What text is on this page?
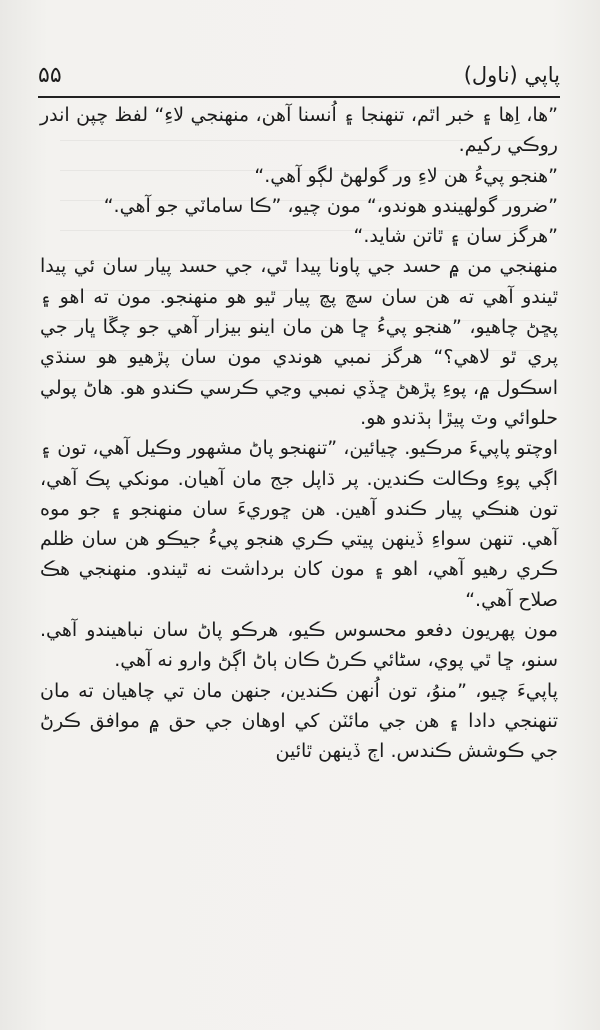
۵۵	پاپي (ناول)

”ها، اِها ۽ خبر اٿم، تنهنجا ۽ اُنسنا آهن، منهنجي لاءِ“ لفظ چپن اندر روڪي رکيم.

”هنجو پيءُ هن لاءِ ور گولهڻ لڳو آهي.“

”ضرور گولهيندو هوندو،“ مون چيو، ”ڪا ساماٽي جو آهي.“

”هرگز سان ۽ ٿاتن شايد.“

منهنجي من ۾ حسد جي پاونا پيدا ٿي، جي حسد پيار سان ئي پيدا ٿيندو آهي ته هن سان سچ پچ پيار ٿيو هو منهنجو. مون ته اهو ۽ پڇڻ چاهيو، ”هنجو پيءُ ڇا هن مان اينو بيزار آهي جو چڱا ڀار جي پري ٿو لاهي؟“ هرگز نمبي هوندي مون سان پڙهيو هو سنڌي اسڪول ۾، پوءِ پڙهڻ ڇڏي نمبي وڃي ڪرسي ڪندو هو. هاڻ پولي حلوائي وٽ پيڙا ٻڌندو هو.

اوچتو پاپيءَ مرڪيو. چيائين، ”تنهنجو پاڻ مشهور وڪيل آهي، تون ۽ اڳي پوءِ وڪالت ڪندين. پر ڌاپل جج مان آهيان. مونکي پڪ آهي، تون هنڪي پيار ڪندو آهين. هن ڇوريءَ سان منهنجو ۽ جو موه آهي. تنهن سواءِ ڏينهن پيتي ڪري هنجو پيءُ جيڪو هن سان ظلم ڪري رهيو آهي، اهو ۽ مون کان برداشت نه ٿيندو. منهنجي هڪ صلاح آهي.“

مون پهريون دفعو محسوس ڪيو، هرڪو پاڻ سان نباهيندو آهي. سنو، ڇا ٿي پوي، سڻائي ڪرڻ ڪان ٻاڻ اڳڻ وارو نه آهي.

پاپيءَ چيو، ”منوُ، تون اُنهن ڪندين، جنهن مان تي چاهيان ته مان تنهنجي دادا ۽ هن جي مائٽن کي اوهان جي حق ۾ موافق ڪرڻ جي ڪوشش ڪندس. اڄ ڏينهن ٿائين
